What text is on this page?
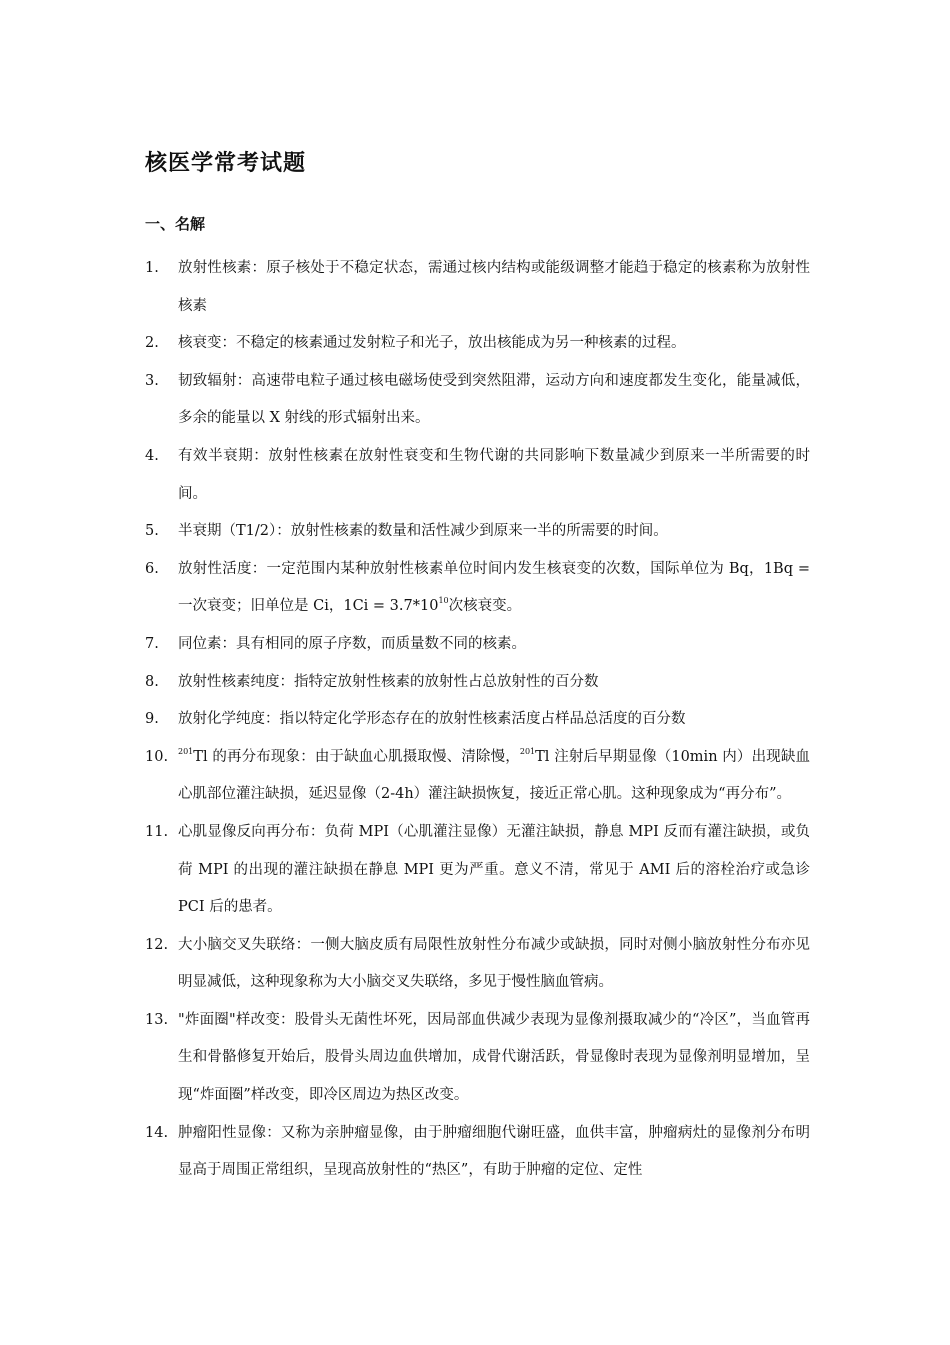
核医学常考试题
一、名解
1.	放射性核素：原子核处于不稳定状态，需通过核内结构或能级调整才能趋于稳定的核素称为放射性核素
2.	核衰变：不稳定的核素通过发射粒子和光子，放出核能成为另一种核素的过程。
3.	韧致辐射：高速带电粒子通过核电磁场使受到突然阻滞，运动方向和速度都发生变化，能量减低，多余的能量以 X 射线的形式辐射出来。
4.	有效半衰期：放射性核素在放射性衰变和生物代谢的共同影响下数量减少到原来一半所需要的时间。
5.	半衰期（T1/2）：放射性核素的数量和活性减少到原来一半的所需要的时间。
6.	放射性活度：一定范围内某种放射性核素单位时间内发生核衰变的次数，国际单位为 Bq，1Bq = 一次衰变；旧单位是 Ci，$1Ci = 3.7*10^{10}$次核衰变。
7.	同位素：具有相同的原子序数，而质量数不同的核素。
8.	放射性核素纯度：指特定放射性核素的放射性占总放射性的百分数
9.	放射化学纯度：指以特定化学形态存在的放射性核素活度占样品总活度的百分数
10.	$^{201}$Tl 的再分布现象：由于缺血心肌摄取慢、清除慢，$^{201}$Tl 注射后早期显像（10min 内）出现缺血心肌部位灌注缺损，延迟显像（2-4h）灌注缺损恢复，接近正常心肌。这种现象成为“再分布”。
11. 心肌显像反向再分布：负荷 MPI（心肌灌注显像）无灌注缺损，静息 MPI 反而有灌注缺损，或负荷 MPI 的出现的灌注缺损在静息 MPI 更为严重。意义不清，常见于 AMI 后的溶栓治疗或急诊 PCI 后的患者。
12. 大小脑交叉失联络：一侧大脑皮质有局限性放射性分布减少或缺损，同时对侧小脑放射性分布亦见明显减低，这种现象称为大小脑交叉失联络，多见于慢性脑血管病。
13. "炸面圈"样改变：股骨头无菌性坏死，因局部血供减少表现为显像剂摄取减少的“冷区”，当血管再生和骨骼修复开始后，股骨头周边血供增加，成骨代谢活跃，骨显像时表现为显像剂明显增加，呈现“炸面圈”样改变，即冷区周边为热区改变。
14. 肿瘤阳性显像：又称为亲肿瘤显像，由于肿瘤细胞代谢旺盛，血供丰富，肿瘤病灶的显像剂分布明显高于周围正常组织，呈现高放射性的“热区”，有助于肿瘤的定位、定性
